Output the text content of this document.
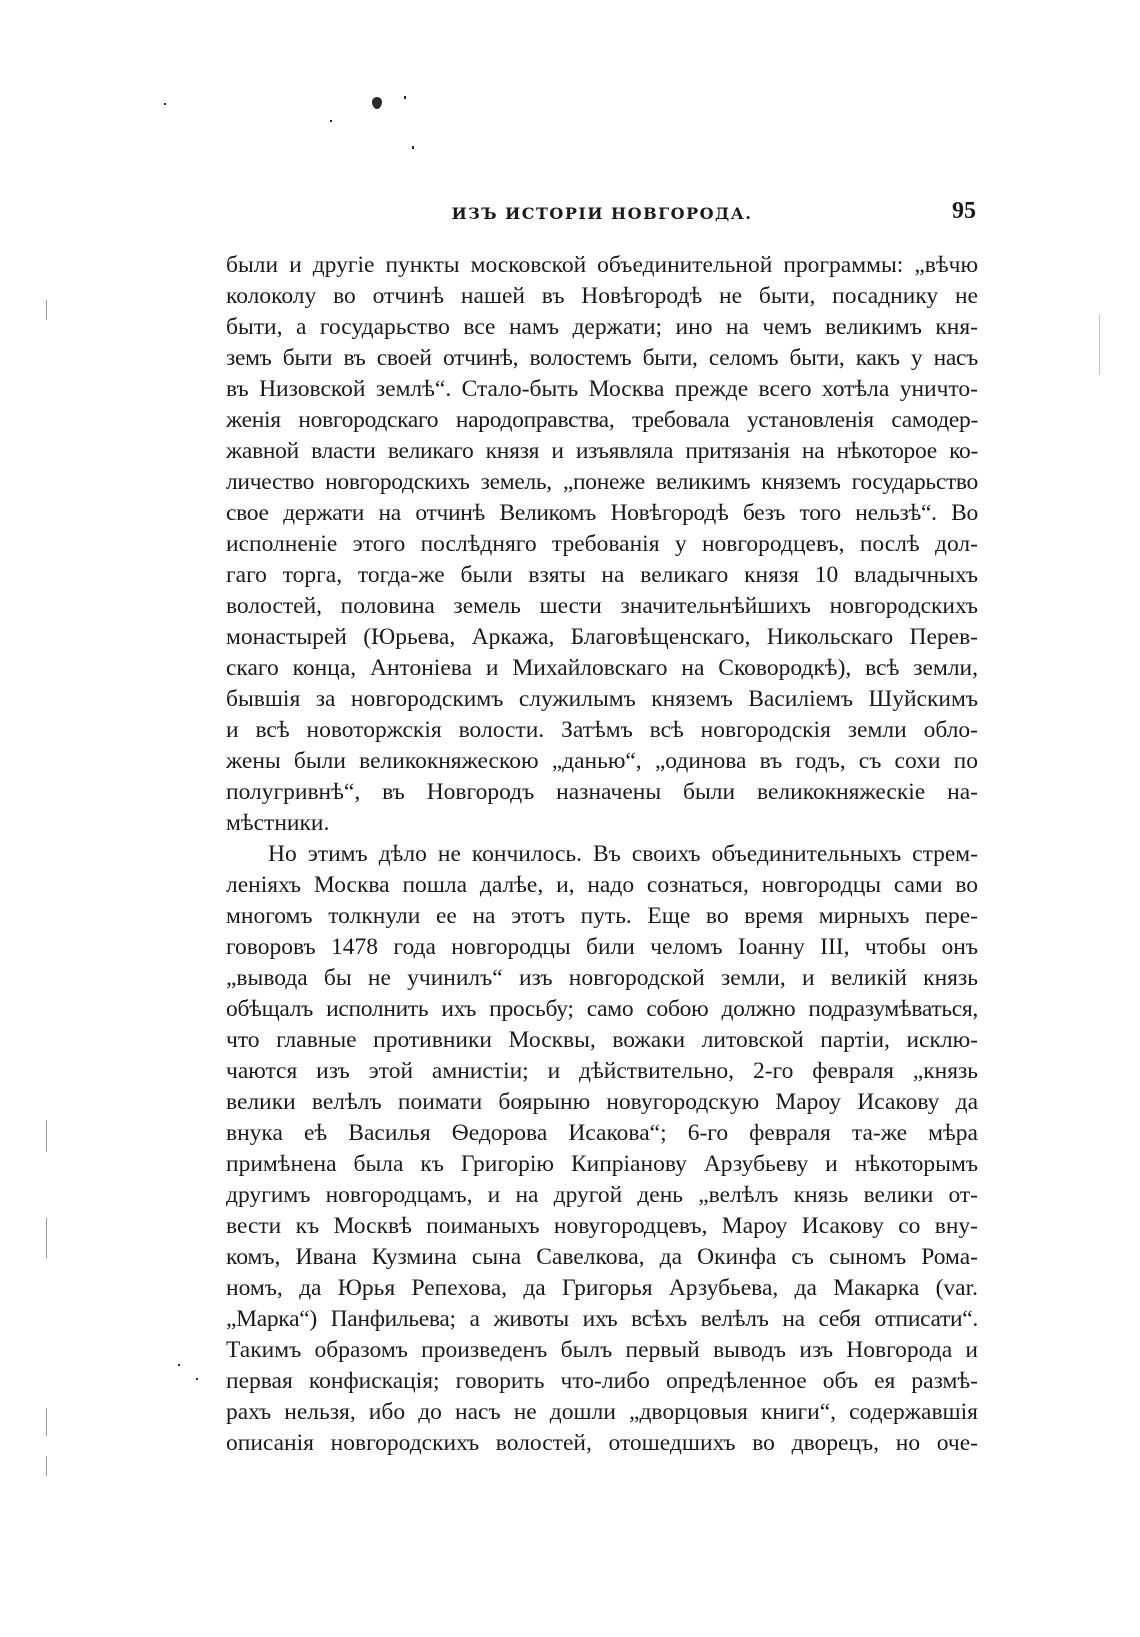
ИЗЪ ИСТОРІИ НОВГОРОДА.	95
были и другіе пункты московской объединительной программы: „вѣчю
колоколу во отчинѣ нашей въ Новѣгородѣ не быти, посаднику не
быти, а государьство все намъ держати; ино на чемъ великимъ кня-
земъ быти въ своей отчинѣ, волостемъ быти, селомъ быти, какъ у насъ
въ Низовской землѣ“. Стало-быть Москва прежде всего хотѣла уничто-
женія новгородскаго народоправства, требовала установленія самодер-
жавной власти великаго князя и изъявляла притязанія на нѣкоторое ко-
личество новгородскихъ земель, „понеже великимъ княземъ государьство
свое держати на отчинѣ Великомъ Новѣгородѣ безъ того нельзѣ“. Во
исполненіе этого послѣдняго требованія у новгородцевъ, послѣ дол-
гаго торга, тогда-же были взяты на великаго князя 10 владычныхъ
волостей, половина земель шести значительнѣйшихъ новгородскихъ
монастырей (Юрьева, Аркажа, Благовѣщенскаго, Никольскаго Перев-
скаго конца, Антоніева и Михайловскаго на Сковородкѣ), всѣ земли,
бывшія за новгородскимъ служилымъ княземъ Василіемъ Шуйскимъ
и всѣ новоторжскія волости. Затѣмъ всѣ новгородскія земли обло-
жены были великокняжескою „данью“, „одинова въ годъ, съ сохи по
полугривнѣ“, въ Новгородъ назначены были великокняжескіе на-
мѣстники.
Но этимъ дѣло не кончилось. Въ своихъ объединительныхъ стрем-
леніяхъ Москва пошла далѣе, и, надо сознаться, новгородцы сами во
многомъ толкнули ее на этотъ путь. Еще во время мирныхъ пере-
говоровъ 1478 года новгородцы били челомъ Іоанну III, чтобы онъ
„вывода бы не учинилъ“ изъ новгородской земли, и великій князь
обѣщалъ исполнить ихъ просьбу; само собою должно подразумѣваться,
что главные противники Москвы, вожаки литовской партіи, исклю-
чаются изъ этой амнистіи; и дѣйствительно, 2-го февраля „князь
велики велѣлъ поимати боярыню новугородскую Мароу Исакову да
внука еѣ Василья Ѳедорова Исакова“; 6-го февраля та-же мѣра
примѣнена была къ Григорію Кипріанову Арзубьеву и нѣкоторымъ
другимъ новгородцамъ, и на другой день „велѣлъ князь велики от-
вести къ Москвѣ поиманыхъ новугородцевъ, Мароу Исакову со вну-
комъ, Ивана Кузмина сына Савелкова, да Окинфа съ сыномъ Рома-
номъ, да Юрья Репехова, да Григорья Арзубьева, да Макарка (var.
„Марка“) Панфильева; а животы ихъ всѣхъ велѣлъ на себя отписати“.
Такимъ образомъ произведенъ былъ первый выводъ изъ Новгорода и
первая конфискація; говорить что-либо опредѣленное объ ея размѣ-
рахъ нельзя, ибо до насъ не дошли „дворцовыя книги“, содержавшія
описанія новгородскихъ волостей, отошедшихъ во дворецъ, но оче-
